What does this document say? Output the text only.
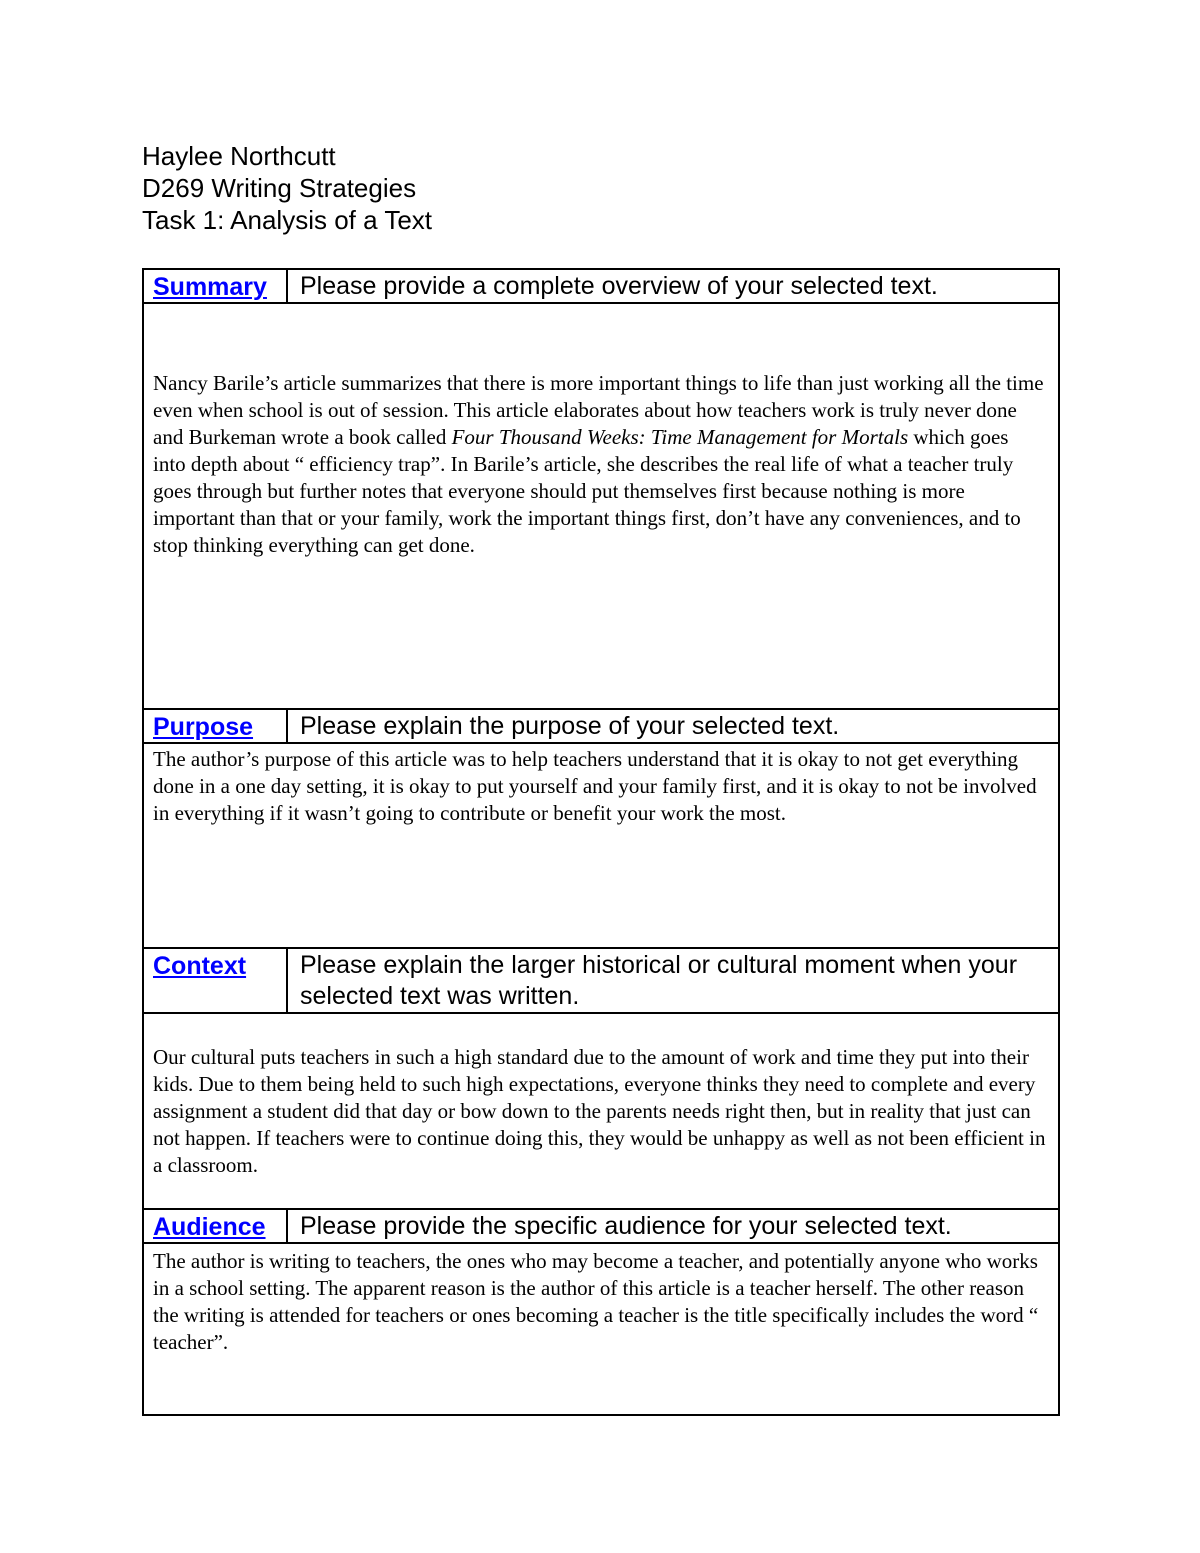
Haylee Northcutt
D269 Writing Strategies
Task 1: Analysis of a Text
Summary	Please provide a complete overview of your selected text.

Nancy Barile’s article summarizes that there is more important things to life than just working all the time even when school is out of session. This article elaborates about how teachers work is truly never done and Burkeman wrote a book called Four Thousand Weeks: Time Management for Mortals which goes into depth about “ efficiency trap”. In Barile’s article, she describes the real life of what a teacher truly goes through but further notes that everyone should put themselves first because nothing is more important than that or your family, work the important things first, don’t have any conveniences, and to stop thinking everything can get done.	

Purpose	Please explain the purpose of your selected text.

The author’s purpose of this article was to help teachers understand that it is okay to not get everything done in a one day setting, it is okay to put yourself and your family first, and it is okay to not be involved in everything if it wasn’t going to contribute or benefit your work the most.	

Context	Please explain the larger historical or cultural moment when your selected text was written.

Our cultural puts teachers in such a high standard due to the amount of work and time they put into their kids. Due to them being held to such high expectations, everyone thinks they need to complete and every assignment a student did that day or bow down to the parents needs right then, but in reality that just can not happen. If teachers were to continue doing this, they would be unhappy as well as not been efficient in a classroom.	

Audience	Please provide the specific audience for your selected text.

The author is writing to teachers, the ones who may become a teacher, and potentially anyone who works in a school setting. The apparent reason is the author of this article is a teacher herself. The other reason the writing is attended for teachers or ones becoming a teacher is the title specifically includes the word “ teacher”.	
